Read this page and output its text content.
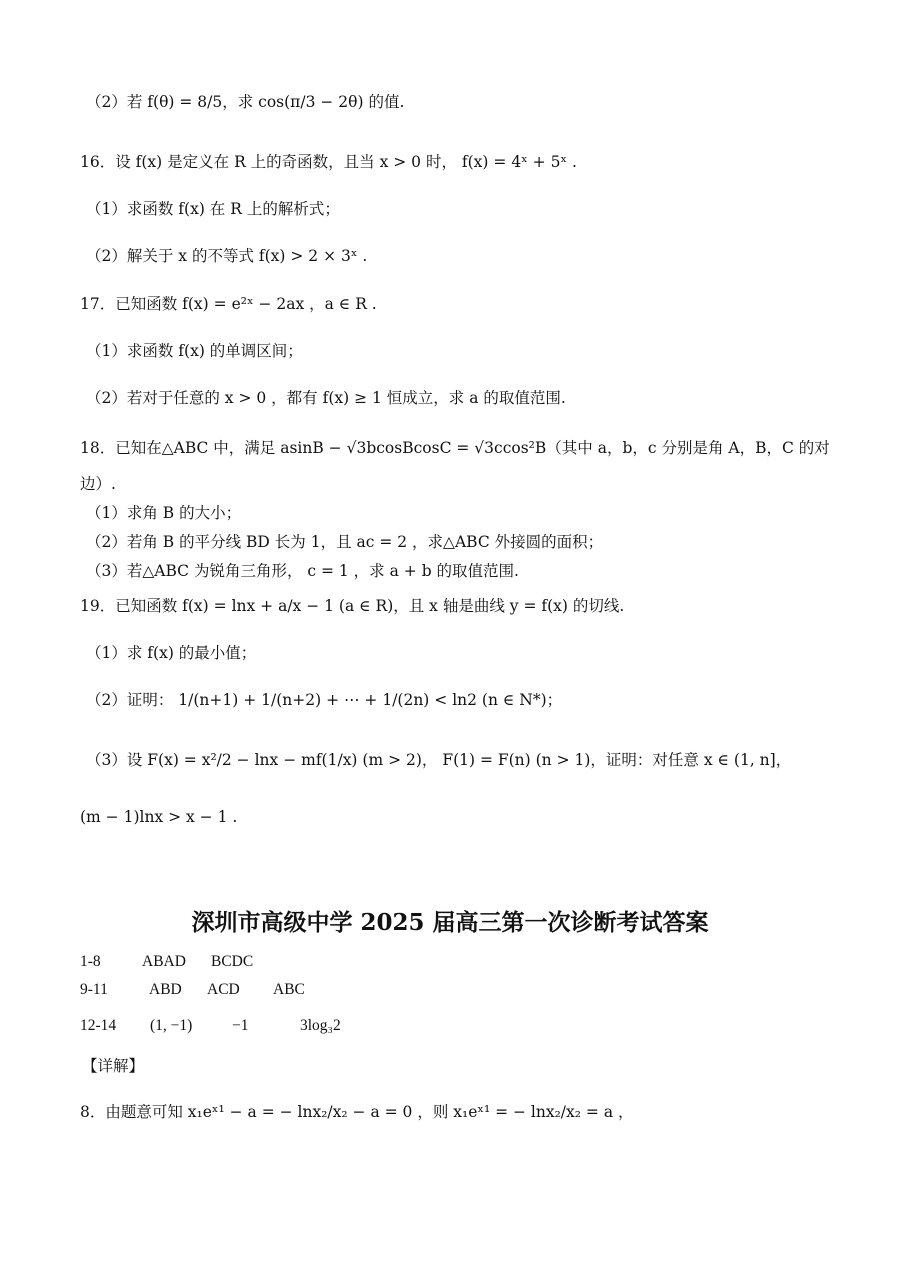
（2）若 f(θ) = 8/5，求 cos(π/3 − 2θ) 的值.
16．设 f(x) 是定义在 R 上的奇函数，且当 x > 0 时， f(x) = 4ˣ + 5ˣ .
（1）求函数 f(x) 在 R 上的解析式；
（2）解关于 x 的不等式 f(x) > 2 × 3ˣ .
17．已知函数 f(x) = e²ˣ − 2ax ，a ∈ R .
（1）求函数 f(x) 的单调区间；
（2）若对于任意的 x > 0 ，都有 f(x) ≥ 1 恒成立，求 a 的取值范围.
18．已知在△ABC 中，满足 asinB − √3bcosBcosC = √3ccos²B（其中 a，b，c 分别是角 A，B，C 的对
边）.
（1）求角 B 的大小；
（2）若角 B 的平分线 BD 长为 1，且 ac = 2 ，求△ABC 外接圆的面积；
（3）若△ABC 为锐角三角形， c = 1 ，求 a + b 的取值范围.
19．已知函数 f(x) = lnx + a/x − 1 (a ∈ R)，且 x 轴是曲线 y = f(x) 的切线.
（1）求 f(x) 的最小值；
（2）证明： 1/(n+1) + 1/(n+2) + ⋯ + 1/(2n) < ln2 (n ∈ N*)；
（3）设 F(x) = x²/2 − lnx − mf(1/x) (m > 2)， F(1) = F(n) (n > 1)，证明：对任意 x ∈ (1, n]，
(m − 1)lnx > x − 1 .
深圳市高级中学 2025 届高三第一次诊断考试答案
1-8	ABAD BCDC
9-11	ABD ACD ABC
12-14 (1, −1)	−1	3log₃2
【详解】
8．由题意可知 x₁eˣ¹ − a = − lnx₂/x₂ − a = 0 ，则 x₁eˣ¹ = − lnx₂/x₂ = a ，
